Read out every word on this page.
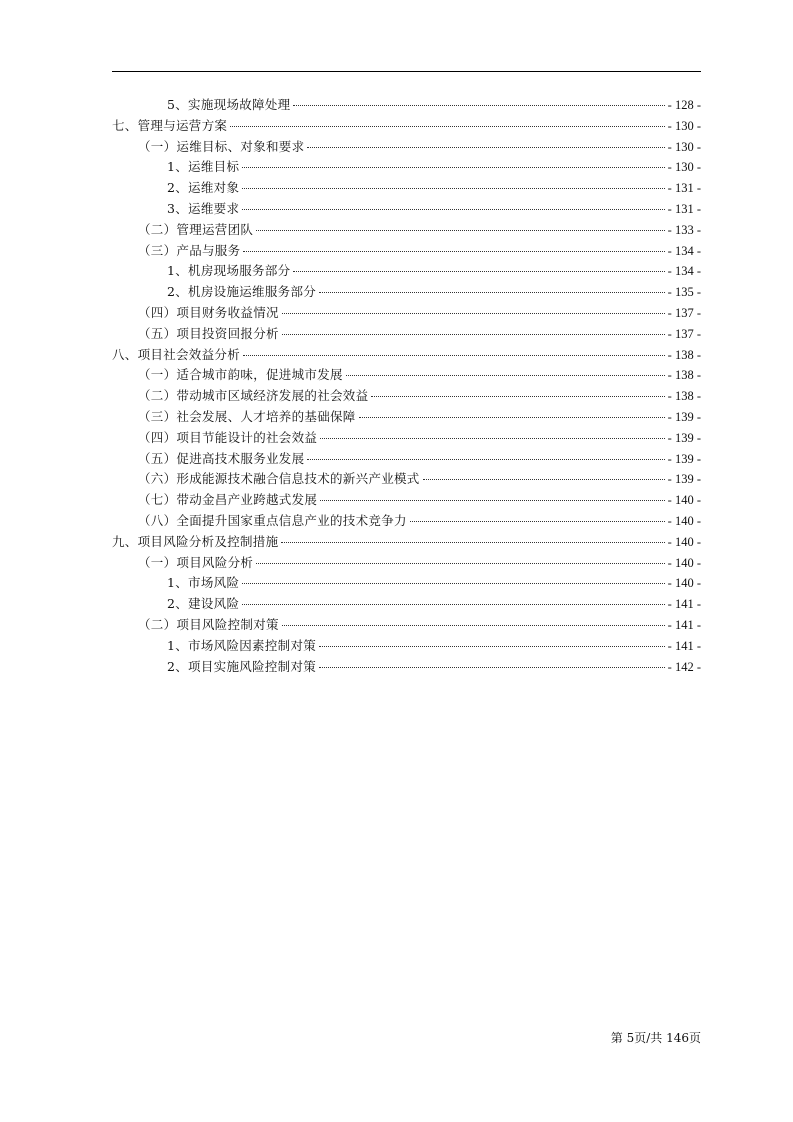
5、实施现场故障处理	- 128 -
七、管理与运营方案	- 130 -
（一）运维目标、对象和要求	- 130 -
1、运维目标	- 130 -
2、运维对象	- 131 -
3、运维要求	- 131 -
（二）管理运营团队	- 133 -
（三）产品与服务	- 134 -
1、机房现场服务部分	- 134 -
2、机房设施运维服务部分	- 135 -
（四）项目财务收益情况	- 137 -
（五）项目投资回报分析	- 137 -
八、项目社会效益分析	- 138 -
（一）适合城市韵味，促进城市发展	- 138 -
（二）带动城市区域经济发展的社会效益	- 138 -
（三）社会发展、人才培养的基础保障	- 139 -
（四）项目节能设计的社会效益	- 139 -
（五）促进高技术服务业发展	- 139 -
（六）形成能源技术融合信息技术的新兴产业模式	- 139 -
（七）带动金昌产业跨越式发展	- 140 -
（八）全面提升国家重点信息产业的技术竞争力	- 140 -
九、项目风险分析及控制措施	- 140 -
（一）项目风险分析	- 140 -
1、市场风险	- 140 -
2、建设风险	- 141 -
（二）项目风险控制对策	- 141 -
1、市场风险因素控制对策	- 141 -
2、项目实施风险控制对策	- 142 -
第 5页/共 146页
